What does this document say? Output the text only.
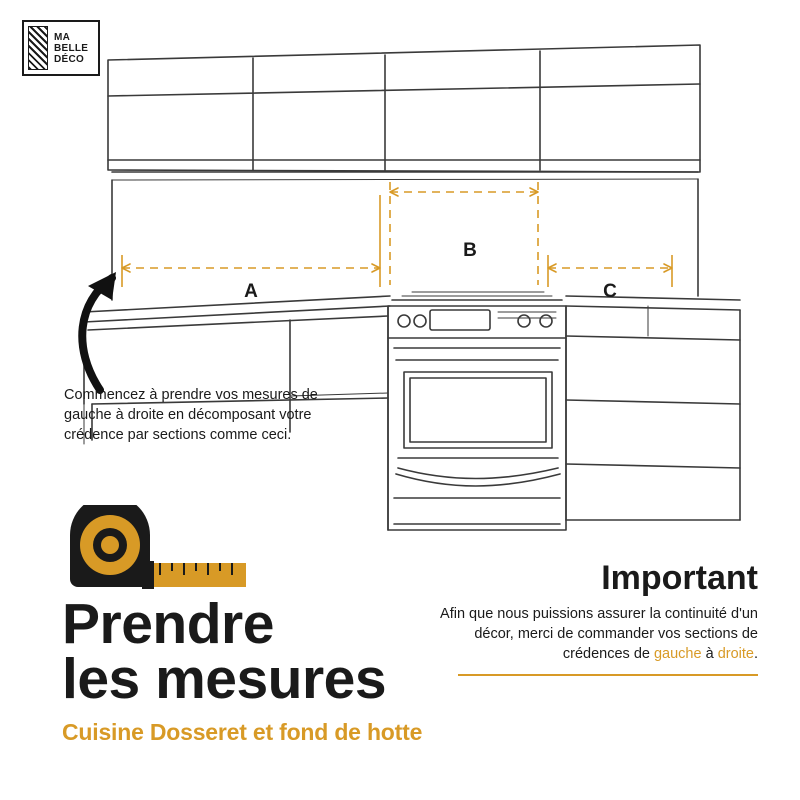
MA
BELLE
DÉCO
A
B
C
Commencez à prendre vos mesures de gauche à droite en décomposant votre crédence par sections comme ceci.
Prendre
les mesures
Cuisine Dosseret et fond de hotte
Important
Afin que nous puissions assurer la continuité d'un décor, merci de commander vos sections de crédences de gauche à droite.
